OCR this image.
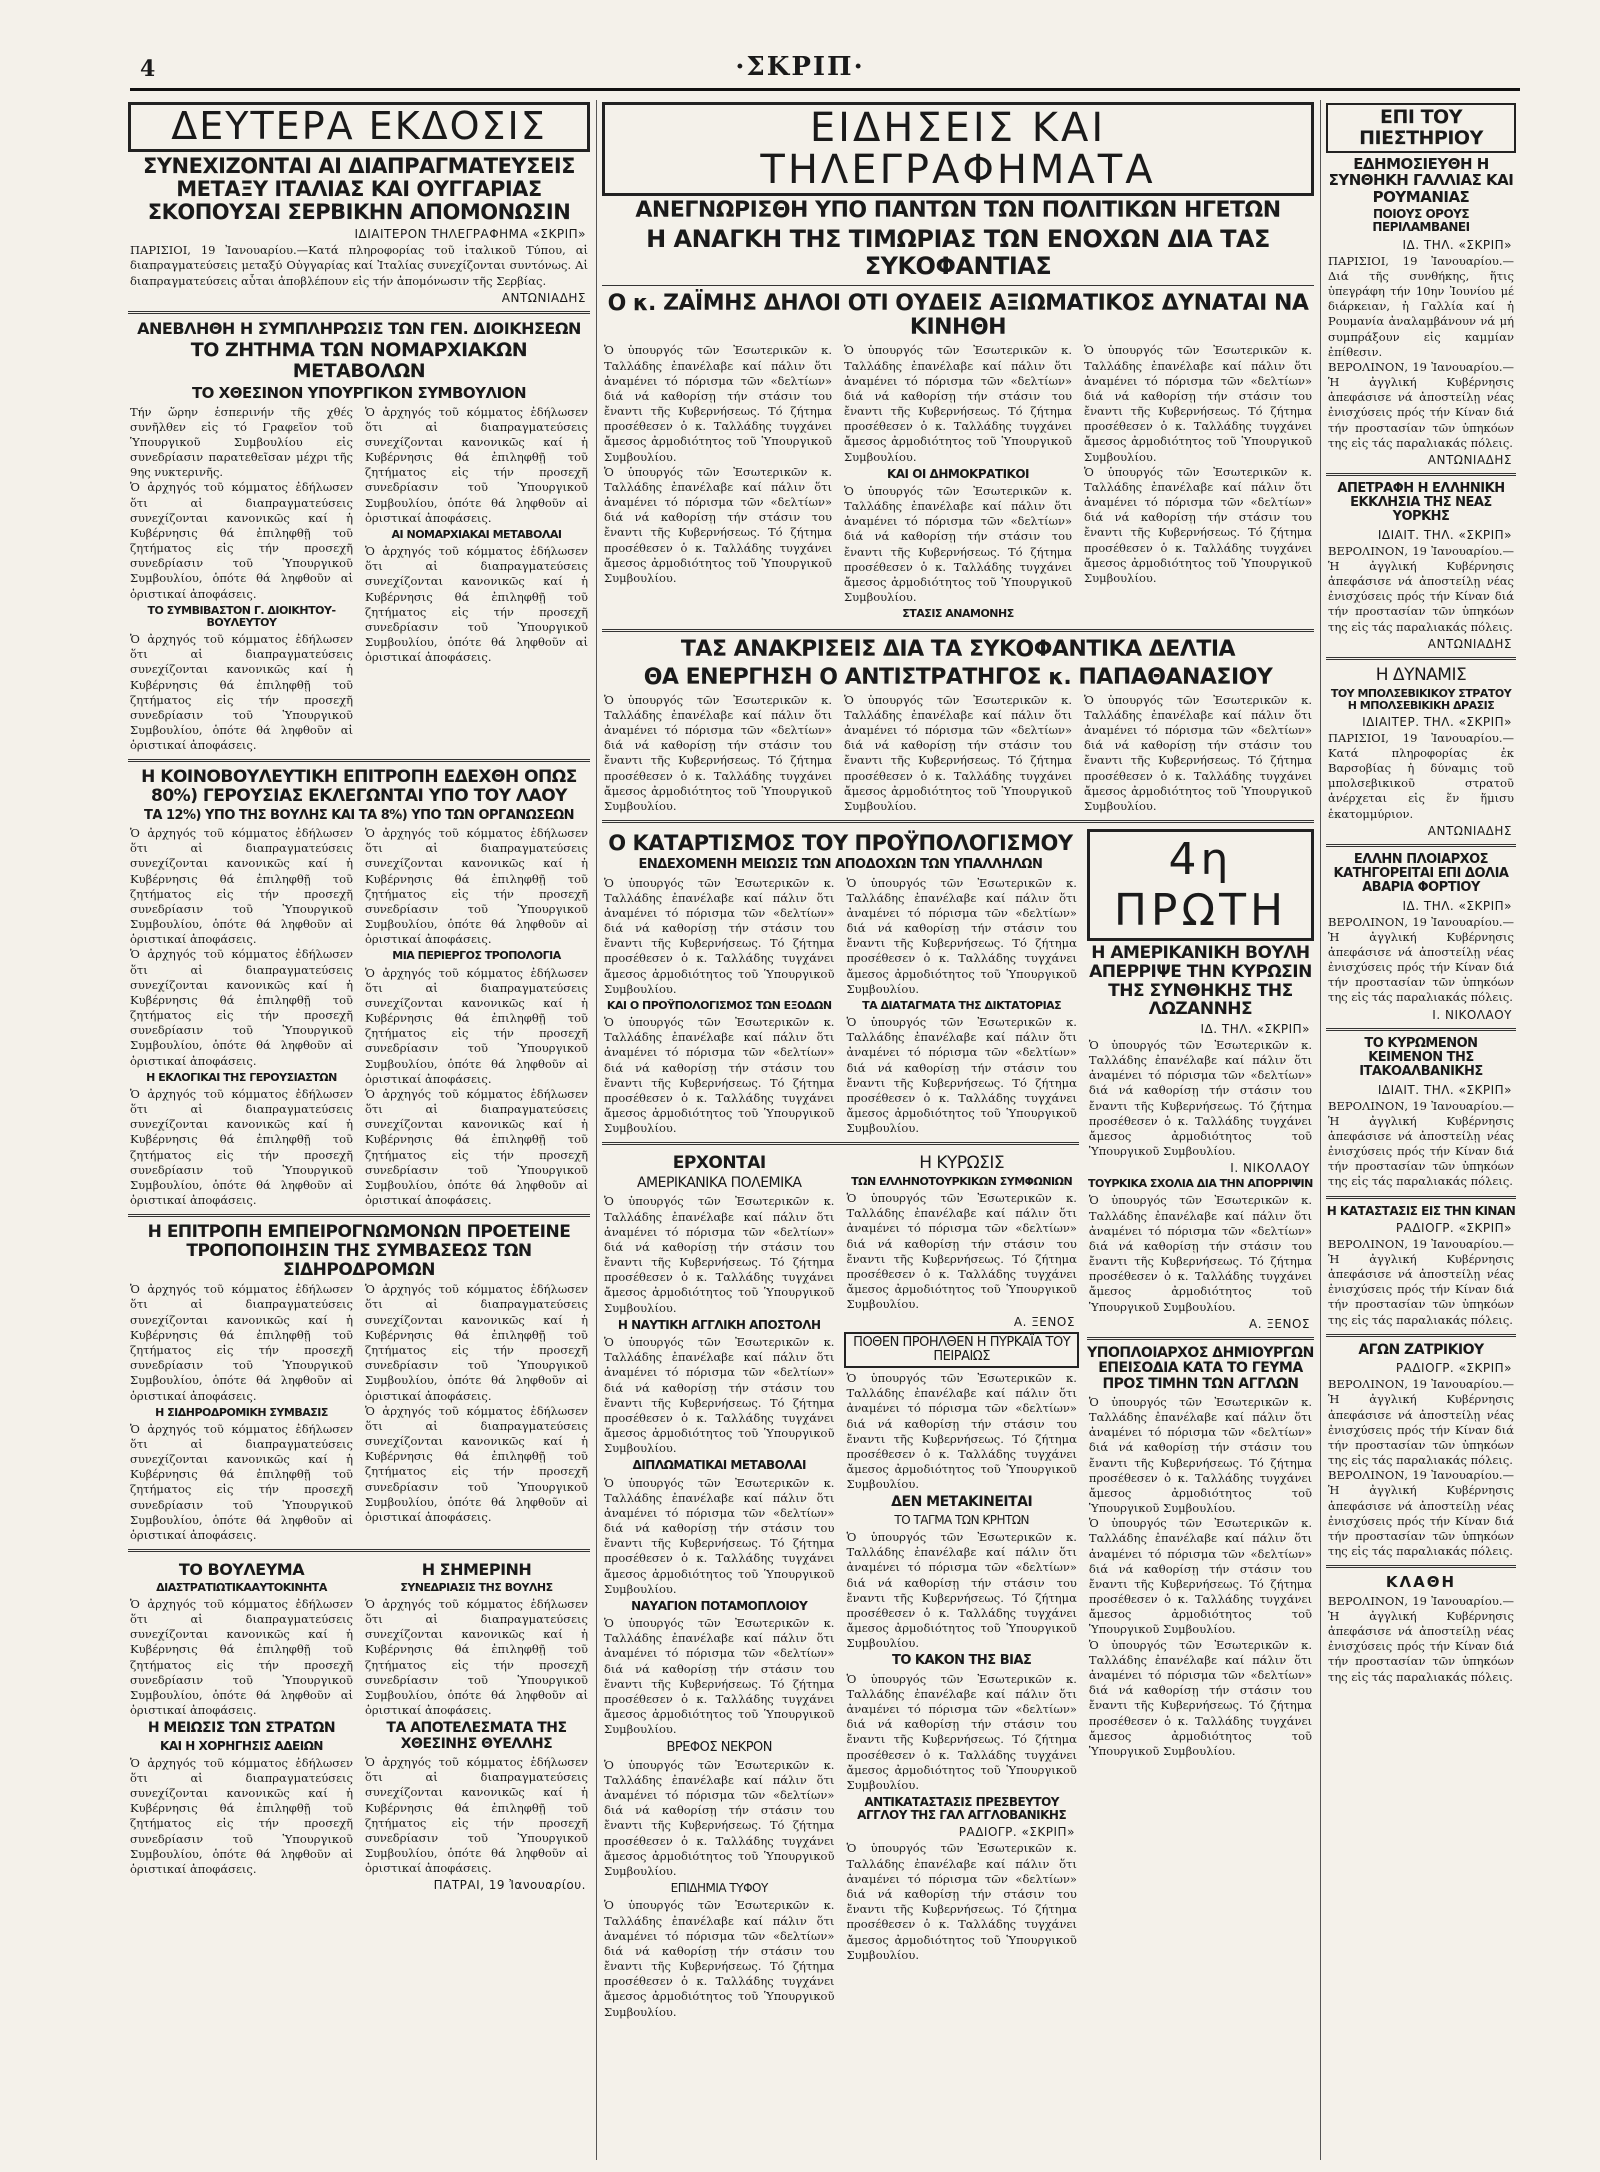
4	·ΣΚΡΙΠ·
ΔΕΥΤΕΡΑ ΕΚΔΟΣΙΣ
ΣΥΝΕΧΙΖΟΝΤΑΙ ΑΙ ΔΙΑΠΡΑΓΜΑΤΕΥΣΕΙΣ ΜΕΤΑΞΥ ΙΤΑΛΙΑΣ ΚΑΙ ΟΥΓΓΑΡΙΑΣ ΣΚΟΠΟΥΣΑΙ ΣΕΡΒΙΚΗΝ ΑΠΟΜΟΝΩΣΙΝ
ΙΔΙΑΙΤΕΡΟΝ ΤΗΛΕΓΡΑΦΗΜΑ «ΣΚΡΙΠ»
ΠΑΡΙΣΙΟΙ, 19 Ἰανουαρίου.—Κατά πληροφορίας τοῦ ἰταλικοῦ Τύπου, αἱ διαπραγματεύσεις μεταξύ Οὐγγαρίας καί Ἰταλίας συνεχίζονται συντόνως. Αἱ διαπραγματεύσεις αὗται ἀποβλέπουν εἰς τήν ἀπομόνωσιν τῆς Σερβίας.
ΑΝΤΩΝΙΑΔΗΣ
ΑΝΕΒΛΗΘΗ Η ΣΥΜΠΛΗΡΩΣΙΣ ΤΩΝ ΓΕΝ. ΔΙΟΙΚΗΣΕΩΝ
ΤΟ ΖΗΤΗΜΑ ΤΩΝ ΝΟΜΑΡΧΙΑΚΩΝ ΜΕΤΑΒΟΛΩΝ
ΤΟ ΧΘΕΣΙΝΟΝ ΥΠΟΥΡΓΙΚΟΝ ΣΥΜΒΟΥΛΙΟΝ
Τήν ὥρην ἑσπερινήν τῆς χθές συνῆλθεν εἰς τό Γραφεῖον τοῦ Ὑπουργικοῦ Συμβουλίου εἰς συνεδρίασιν παρατεθεῖσαν μέχρι τῆς 9ης νυκτερινῆς.
Ὁ ἀρχηγός τοῦ κόμματος ἐδήλωσεν ὅτι αἱ διαπραγματεύσεις συνεχίζονται κανονικῶς καί ἡ Κυβέρνησις θά ἐπιληφθῇ τοῦ ζητήματος εἰς τήν προσεχῆ συνεδρίασιν τοῦ Ὑπουργικοῦ Συμβουλίου, ὁπότε θά ληφθοῦν αἱ ὁριστικαί ἀποφάσεις.
ΤΟ ΣΥΜΒΙΒΑΣΤΟΝ Γ. ΔΙΟΙΚΗΤΟΥ-ΒΟΥΛΕΥΤΟΥ
Ὁ ἀρχηγός τοῦ κόμματος ἐδήλωσεν ὅτι αἱ διαπραγματεύσεις συνεχίζονται κανονικῶς καί ἡ Κυβέρνησις θά ἐπιληφθῇ τοῦ ζητήματος εἰς τήν προσεχῆ συνεδρίασιν τοῦ Ὑπουργικοῦ Συμβουλίου, ὁπότε θά ληφθοῦν αἱ ὁριστικαί ἀποφάσεις.
Ὁ ἀρχηγός τοῦ κόμματος ἐδήλωσεν ὅτι αἱ διαπραγματεύσεις συνεχίζονται κανονικῶς καί ἡ Κυβέρνησις θά ἐπιληφθῇ τοῦ ζητήματος εἰς τήν προσεχῆ συνεδρίασιν τοῦ Ὑπουργικοῦ Συμβουλίου, ὁπότε θά ληφθοῦν αἱ ὁριστικαί ἀποφάσεις.
ΑΙ ΝΟΜΑΡΧΙΑΚΑΙ ΜΕΤΑΒΟΛΑΙ
Ὁ ἀρχηγός τοῦ κόμματος ἐδήλωσεν ὅτι αἱ διαπραγματεύσεις συνεχίζονται κανονικῶς καί ἡ Κυβέρνησις θά ἐπιληφθῇ τοῦ ζητήματος εἰς τήν προσεχῆ συνεδρίασιν τοῦ Ὑπουργικοῦ Συμβουλίου, ὁπότε θά ληφθοῦν αἱ ὁριστικαί ἀποφάσεις.
Η ΚΟΙΝΟΒΟΥΛΕΥΤΙΚΗ ΕΠΙΤΡΟΠΗ ΕΔΕΧΘΗ ΟΠΩΣ 80%) ΓΕΡΟΥΣΙΑΣ ΕΚΛΕΓΩΝΤΑΙ ΥΠΟ ΤΟΥ ΛΑΟΥ
ΤΑ 12%) ΥΠΟ ΤΗΣ ΒΟΥΛΗΣ ΚΑΙ ΤΑ 8%) ΥΠΟ ΤΩΝ ΟΡΓΑΝΩΣΕΩΝ
Ὁ ἀρχηγός τοῦ κόμματος ἐδήλωσεν ὅτι αἱ διαπραγματεύσεις συνεχίζονται κανονικῶς καί ἡ Κυβέρνησις θά ἐπιληφθῇ τοῦ ζητήματος εἰς τήν προσεχῆ συνεδρίασιν τοῦ Ὑπουργικοῦ Συμβουλίου, ὁπότε θά ληφθοῦν αἱ ὁριστικαί ἀποφάσεις.
Ὁ ἀρχηγός τοῦ κόμματος ἐδήλωσεν ὅτι αἱ διαπραγματεύσεις συνεχίζονται κανονικῶς καί ἡ Κυβέρνησις θά ἐπιληφθῇ τοῦ ζητήματος εἰς τήν προσεχῆ συνεδρίασιν τοῦ Ὑπουργικοῦ Συμβουλίου, ὁπότε θά ληφθοῦν αἱ ὁριστικαί ἀποφάσεις.
Η ΕΚΛΟΓΙΚΑΙ ΤΗΣ ΓΕΡΟΥΣΙΑΣΤΩΝ
Ὁ ἀρχηγός τοῦ κόμματος ἐδήλωσεν ὅτι αἱ διαπραγματεύσεις συνεχίζονται κανονικῶς καί ἡ Κυβέρνησις θά ἐπιληφθῇ τοῦ ζητήματος εἰς τήν προσεχῆ συνεδρίασιν τοῦ Ὑπουργικοῦ Συμβουλίου, ὁπότε θά ληφθοῦν αἱ ὁριστικαί ἀποφάσεις.
Ὁ ἀρχηγός τοῦ κόμματος ἐδήλωσεν ὅτι αἱ διαπραγματεύσεις συνεχίζονται κανονικῶς καί ἡ Κυβέρνησις θά ἐπιληφθῇ τοῦ ζητήματος εἰς τήν προσεχῆ συνεδρίασιν τοῦ Ὑπουργικοῦ Συμβουλίου, ὁπότε θά ληφθοῦν αἱ ὁριστικαί ἀποφάσεις.
ΜΙΑ ΠΕΡΙΕΡΓΟΣ ΤΡΟΠΟΛΟΓΙΑ
Ὁ ἀρχηγός τοῦ κόμματος ἐδήλωσεν ὅτι αἱ διαπραγματεύσεις συνεχίζονται κανονικῶς καί ἡ Κυβέρνησις θά ἐπιληφθῇ τοῦ ζητήματος εἰς τήν προσεχῆ συνεδρίασιν τοῦ Ὑπουργικοῦ Συμβουλίου, ὁπότε θά ληφθοῦν αἱ ὁριστικαί ἀποφάσεις.
Ὁ ἀρχηγός τοῦ κόμματος ἐδήλωσεν ὅτι αἱ διαπραγματεύσεις συνεχίζονται κανονικῶς καί ἡ Κυβέρνησις θά ἐπιληφθῇ τοῦ ζητήματος εἰς τήν προσεχῆ συνεδρίασιν τοῦ Ὑπουργικοῦ Συμβουλίου, ὁπότε θά ληφθοῦν αἱ ὁριστικαί ἀποφάσεις.
Η ΕΠΙΤΡΟΠΗ ΕΜΠΕΙΡΟΓΝΩΜΟΝΩΝ ΠΡΟΕΤΕΙΝΕ ΤΡΟΠΟΠΟΙΗΣΙΝ ΤΗΣ ΣΥΜΒΑΣΕΩΣ ΤΩΝ ΣΙΔΗΡΟΔΡΟΜΩΝ
Ὁ ἀρχηγός τοῦ κόμματος ἐδήλωσεν ὅτι αἱ διαπραγματεύσεις συνεχίζονται κανονικῶς καί ἡ Κυβέρνησις θά ἐπιληφθῇ τοῦ ζητήματος εἰς τήν προσεχῆ συνεδρίασιν τοῦ Ὑπουργικοῦ Συμβουλίου, ὁπότε θά ληφθοῦν αἱ ὁριστικαί ἀποφάσεις.
Η ΣΙΔΗΡΟΔΡΟΜΙΚΗ ΣΥΜΒΑΣΙΣ
Ὁ ἀρχηγός τοῦ κόμματος ἐδήλωσεν ὅτι αἱ διαπραγματεύσεις συνεχίζονται κανονικῶς καί ἡ Κυβέρνησις θά ἐπιληφθῇ τοῦ ζητήματος εἰς τήν προσεχῆ συνεδρίασιν τοῦ Ὑπουργικοῦ Συμβουλίου, ὁπότε θά ληφθοῦν αἱ ὁριστικαί ἀποφάσεις.
Ὁ ἀρχηγός τοῦ κόμματος ἐδήλωσεν ὅτι αἱ διαπραγματεύσεις συνεχίζονται κανονικῶς καί ἡ Κυβέρνησις θά ἐπιληφθῇ τοῦ ζητήματος εἰς τήν προσεχῆ συνεδρίασιν τοῦ Ὑπουργικοῦ Συμβουλίου, ὁπότε θά ληφθοῦν αἱ ὁριστικαί ἀποφάσεις.
Ὁ ἀρχηγός τοῦ κόμματος ἐδήλωσεν ὅτι αἱ διαπραγματεύσεις συνεχίζονται κανονικῶς καί ἡ Κυβέρνησις θά ἐπιληφθῇ τοῦ ζητήματος εἰς τήν προσεχῆ συνεδρίασιν τοῦ Ὑπουργικοῦ Συμβουλίου, ὁπότε θά ληφθοῦν αἱ ὁριστικαί ἀποφάσεις.
ΤΟ ΒΟΥΛΕΥΜΑ
ΔΙΑΣΤΡΑΤΙΩΤΙΚΑΑΥΤΟΚΙΝΗΤΑ
Ὁ ἀρχηγός τοῦ κόμματος ἐδήλωσεν ὅτι αἱ διαπραγματεύσεις συνεχίζονται κανονικῶς καί ἡ Κυβέρνησις θά ἐπιληφθῇ τοῦ ζητήματος εἰς τήν προσεχῆ συνεδρίασιν τοῦ Ὑπουργικοῦ Συμβουλίου, ὁπότε θά ληφθοῦν αἱ ὁριστικαί ἀποφάσεις.
Η ΜΕΙΩΣΙΣ ΤΩΝ ΣΤΡΑΤΩΝ
ΚΑΙ Η ΧΟΡΗΓΗΣΙΣ ΑΔΕΙΩΝ
Ὁ ἀρχηγός τοῦ κόμματος ἐδήλωσεν ὅτι αἱ διαπραγματεύσεις συνεχίζονται κανονικῶς καί ἡ Κυβέρνησις θά ἐπιληφθῇ τοῦ ζητήματος εἰς τήν προσεχῆ συνεδρίασιν τοῦ Ὑπουργικοῦ Συμβουλίου, ὁπότε θά ληφθοῦν αἱ ὁριστικαί ἀποφάσεις.
Η ΣΗΜΕΡΙΝΗ
ΣΥΝΕΔΡΙΑΣΙΣ ΤΗΣ ΒΟΥΛΗΣ
Ὁ ἀρχηγός τοῦ κόμματος ἐδήλωσεν ὅτι αἱ διαπραγματεύσεις συνεχίζονται κανονικῶς καί ἡ Κυβέρνησις θά ἐπιληφθῇ τοῦ ζητήματος εἰς τήν προσεχῆ συνεδρίασιν τοῦ Ὑπουργικοῦ Συμβουλίου, ὁπότε θά ληφθοῦν αἱ ὁριστικαί ἀποφάσεις.
ΤΑ ΑΠΟΤΕΛΕΣΜΑΤΑ ΤΗΣ ΧΘΕΣΙΝΗΣ ΘΥΕΛΛΗΣ
Ὁ ἀρχηγός τοῦ κόμματος ἐδήλωσεν ὅτι αἱ διαπραγματεύσεις συνεχίζονται κανονικῶς καί ἡ Κυβέρνησις θά ἐπιληφθῇ τοῦ ζητήματος εἰς τήν προσεχῆ συνεδρίασιν τοῦ Ὑπουργικοῦ Συμβουλίου, ὁπότε θά ληφθοῦν αἱ ὁριστικαί ἀποφάσεις.
ΠΑΤΡΑΙ, 19 Ἰανουαρίου.
ΕΙΔΗΣΕΙΣ ΚΑΙ ΤΗΛΕΓΡΑΦΗΜΑΤΑ
ΑΝΕΓΝΩΡΙΣΘΗ ΥΠΟ ΠΑΝΤΩΝ ΤΩΝ ΠΟΛΙΤΙΚΩΝ ΗΓΕΤΩΝ
Η ΑΝΑΓΚΗ ΤΗΣ ΤΙΜΩΡΙΑΣ ΤΩΝ ΕΝΟΧΩΝ ΔΙΑ ΤΑΣ ΣΥΚΟΦΑΝΤΙΑΣ
Ο κ. ΖΑΪΜΗΣ ΔΗΛΟΙ ΟΤΙ ΟΥΔΕΙΣ ΑΞΙΩΜΑΤΙΚΟΣ ΔΥΝΑΤΑΙ ΝΑ ΚΙΝΗΘΗ
Ὁ ὑπουργός τῶν Ἐσωτερικῶν κ. Ταλλάδης ἐπανέλαβε καί πάλιν ὅτι ἀναμένει τό πόρισμα τῶν «δελτίων» διά νά καθορίσῃ τήν στάσιν του ἔναντι τῆς Κυβερνήσεως. Τό ζήτημα προσέθεσεν ὁ κ. Ταλλάδης τυγχάνει ἄμεσος ἀρμοδιότητος τοῦ Ὑπουργικοῦ Συμβουλίου.
Ὁ ὑπουργός τῶν Ἐσωτερικῶν κ. Ταλλάδης ἐπανέλαβε καί πάλιν ὅτι ἀναμένει τό πόρισμα τῶν «δελτίων» διά νά καθορίσῃ τήν στάσιν του ἔναντι τῆς Κυβερνήσεως. Τό ζήτημα προσέθεσεν ὁ κ. Ταλλάδης τυγχάνει ἄμεσος ἀρμοδιότητος τοῦ Ὑπουργικοῦ Συμβουλίου.
Ὁ ὑπουργός τῶν Ἐσωτερικῶν κ. Ταλλάδης ἐπανέλαβε καί πάλιν ὅτι ἀναμένει τό πόρισμα τῶν «δελτίων» διά νά καθορίσῃ τήν στάσιν του ἔναντι τῆς Κυβερνήσεως. Τό ζήτημα προσέθεσεν ὁ κ. Ταλλάδης τυγχάνει ἄμεσος ἀρμοδιότητος τοῦ Ὑπουργικοῦ Συμβουλίου.
ΚΑΙ ΟΙ ΔΗΜΟΚΡΑΤΙΚΟΙ
Ὁ ὑπουργός τῶν Ἐσωτερικῶν κ. Ταλλάδης ἐπανέλαβε καί πάλιν ὅτι ἀναμένει τό πόρισμα τῶν «δελτίων» διά νά καθορίσῃ τήν στάσιν του ἔναντι τῆς Κυβερνήσεως. Τό ζήτημα προσέθεσεν ὁ κ. Ταλλάδης τυγχάνει ἄμεσος ἀρμοδιότητος τοῦ Ὑπουργικοῦ Συμβουλίου.
ΣΤΑΣΙΣ ΑΝΑΜΟΝΗΣ
Ὁ ὑπουργός τῶν Ἐσωτερικῶν κ. Ταλλάδης ἐπανέλαβε καί πάλιν ὅτι ἀναμένει τό πόρισμα τῶν «δελτίων» διά νά καθορίσῃ τήν στάσιν του ἔναντι τῆς Κυβερνήσεως. Τό ζήτημα προσέθεσεν ὁ κ. Ταλλάδης τυγχάνει ἄμεσος ἀρμοδιότητος τοῦ Ὑπουργικοῦ Συμβουλίου.
Ὁ ὑπουργός τῶν Ἐσωτερικῶν κ. Ταλλάδης ἐπανέλαβε καί πάλιν ὅτι ἀναμένει τό πόρισμα τῶν «δελτίων» διά νά καθορίσῃ τήν στάσιν του ἔναντι τῆς Κυβερνήσεως. Τό ζήτημα προσέθεσεν ὁ κ. Ταλλάδης τυγχάνει ἄμεσος ἀρμοδιότητος τοῦ Ὑπουργικοῦ Συμβουλίου.
ΤΑΣ ΑΝΑΚΡΙΣΕΙΣ ΔΙΑ ΤΑ ΣΥΚΟΦΑΝΤΙΚΑ ΔΕΛΤΙΑ
ΘΑ ΕΝΕΡΓΗΣΗ Ο ΑΝΤΙΣΤΡΑΤΗΓΟΣ κ. ΠΑΠΑΘΑΝΑΣΙΟΥ
Ὁ ὑπουργός τῶν Ἐσωτερικῶν κ. Ταλλάδης ἐπανέλαβε καί πάλιν ὅτι ἀναμένει τό πόρισμα τῶν «δελτίων» διά νά καθορίσῃ τήν στάσιν του ἔναντι τῆς Κυβερνήσεως. Τό ζήτημα προσέθεσεν ὁ κ. Ταλλάδης τυγχάνει ἄμεσος ἀρμοδιότητος τοῦ Ὑπουργικοῦ Συμβουλίου.
Ὁ ὑπουργός τῶν Ἐσωτερικῶν κ. Ταλλάδης ἐπανέλαβε καί πάλιν ὅτι ἀναμένει τό πόρισμα τῶν «δελτίων» διά νά καθορίσῃ τήν στάσιν του ἔναντι τῆς Κυβερνήσεως. Τό ζήτημα προσέθεσεν ὁ κ. Ταλλάδης τυγχάνει ἄμεσος ἀρμοδιότητος τοῦ Ὑπουργικοῦ Συμβουλίου.
Ὁ ὑπουργός τῶν Ἐσωτερικῶν κ. Ταλλάδης ἐπανέλαβε καί πάλιν ὅτι ἀναμένει τό πόρισμα τῶν «δελτίων» διά νά καθορίσῃ τήν στάσιν του ἔναντι τῆς Κυβερνήσεως. Τό ζήτημα προσέθεσεν ὁ κ. Ταλλάδης τυγχάνει ἄμεσος ἀρμοδιότητος τοῦ Ὑπουργικοῦ Συμβουλίου.
Ο ΚΑΤΑΡΤΙΣΜΟΣ ΤΟΥ ΠΡΟΫΠΟΛΟΓΙΣΜΟΥ
ΕΝΔΕΧΟΜΕΝΗ ΜΕΙΩΣΙΣ ΤΩΝ ΑΠΟΔΟΧΩΝ ΤΩΝ ΥΠΑΛΛΗΛΩΝ
Ὁ ὑπουργός τῶν Ἐσωτερικῶν κ. Ταλλάδης ἐπανέλαβε καί πάλιν ὅτι ἀναμένει τό πόρισμα τῶν «δελτίων» διά νά καθορίσῃ τήν στάσιν του ἔναντι τῆς Κυβερνήσεως. Τό ζήτημα προσέθεσεν ὁ κ. Ταλλάδης τυγχάνει ἄμεσος ἀρμοδιότητος τοῦ Ὑπουργικοῦ Συμβουλίου.
ΚΑΙ Ο ΠΡΟΫΠΟΛΟΓΙΣΜΟΣ ΤΩΝ ΕΞΟΔΩΝ
Ὁ ὑπουργός τῶν Ἐσωτερικῶν κ. Ταλλάδης ἐπανέλαβε καί πάλιν ὅτι ἀναμένει τό πόρισμα τῶν «δελτίων» διά νά καθορίσῃ τήν στάσιν του ἔναντι τῆς Κυβερνήσεως. Τό ζήτημα προσέθεσεν ὁ κ. Ταλλάδης τυγχάνει ἄμεσος ἀρμοδιότητος τοῦ Ὑπουργικοῦ Συμβουλίου.
Ὁ ὑπουργός τῶν Ἐσωτερικῶν κ. Ταλλάδης ἐπανέλαβε καί πάλιν ὅτι ἀναμένει τό πόρισμα τῶν «δελτίων» διά νά καθορίσῃ τήν στάσιν του ἔναντι τῆς Κυβερνήσεως. Τό ζήτημα προσέθεσεν ὁ κ. Ταλλάδης τυγχάνει ἄμεσος ἀρμοδιότητος τοῦ Ὑπουργικοῦ Συμβουλίου.
ΤΑ ΔΙΑΤΑΓΜΑΤΑ ΤΗΣ ΔΙΚΤΑΤΟΡΙΑΣ
Ὁ ὑπουργός τῶν Ἐσωτερικῶν κ. Ταλλάδης ἐπανέλαβε καί πάλιν ὅτι ἀναμένει τό πόρισμα τῶν «δελτίων» διά νά καθορίσῃ τήν στάσιν του ἔναντι τῆς Κυβερνήσεως. Τό ζήτημα προσέθεσεν ὁ κ. Ταλλάδης τυγχάνει ἄμεσος ἀρμοδιότητος τοῦ Ὑπουργικοῦ Συμβουλίου.
ΕΡΧΟΝΤΑΙ
ΑΜΕΡΙΚΑΝΙΚΑ ΠΟΛΕΜΙΚΑ
Ὁ ὑπουργός τῶν Ἐσωτερικῶν κ. Ταλλάδης ἐπανέλαβε καί πάλιν ὅτι ἀναμένει τό πόρισμα τῶν «δελτίων» διά νά καθορίσῃ τήν στάσιν του ἔναντι τῆς Κυβερνήσεως. Τό ζήτημα προσέθεσεν ὁ κ. Ταλλάδης τυγχάνει ἄμεσος ἀρμοδιότητος τοῦ Ὑπουργικοῦ Συμβουλίου.
Η ΝΑΥΤΙΚΗ ΑΓΓΛΙΚΗ ΑΠΟΣΤΟΛΗ
Ὁ ὑπουργός τῶν Ἐσωτερικῶν κ. Ταλλάδης ἐπανέλαβε καί πάλιν ὅτι ἀναμένει τό πόρισμα τῶν «δελτίων» διά νά καθορίσῃ τήν στάσιν του ἔναντι τῆς Κυβερνήσεως. Τό ζήτημα προσέθεσεν ὁ κ. Ταλλάδης τυγχάνει ἄμεσος ἀρμοδιότητος τοῦ Ὑπουργικοῦ Συμβουλίου.
ΔΙΠΛΩΜΑΤΙΚΑΙ ΜΕΤΑΒΟΛΑΙ
Ὁ ὑπουργός τῶν Ἐσωτερικῶν κ. Ταλλάδης ἐπανέλαβε καί πάλιν ὅτι ἀναμένει τό πόρισμα τῶν «δελτίων» διά νά καθορίσῃ τήν στάσιν του ἔναντι τῆς Κυβερνήσεως. Τό ζήτημα προσέθεσεν ὁ κ. Ταλλάδης τυγχάνει ἄμεσος ἀρμοδιότητος τοῦ Ὑπουργικοῦ Συμβουλίου.
ΝΑΥΑΓΙΟΝ ΠΟΤΑΜΟΠΛΟΙΟΥ
Ὁ ὑπουργός τῶν Ἐσωτερικῶν κ. Ταλλάδης ἐπανέλαβε καί πάλιν ὅτι ἀναμένει τό πόρισμα τῶν «δελτίων» διά νά καθορίσῃ τήν στάσιν του ἔναντι τῆς Κυβερνήσεως. Τό ζήτημα προσέθεσεν ὁ κ. Ταλλάδης τυγχάνει ἄμεσος ἀρμοδιότητος τοῦ Ὑπουργικοῦ Συμβουλίου.
ΒΡΕΦΟΣ ΝΕΚΡΟΝ
Ὁ ὑπουργός τῶν Ἐσωτερικῶν κ. Ταλλάδης ἐπανέλαβε καί πάλιν ὅτι ἀναμένει τό πόρισμα τῶν «δελτίων» διά νά καθορίσῃ τήν στάσιν του ἔναντι τῆς Κυβερνήσεως. Τό ζήτημα προσέθεσεν ὁ κ. Ταλλάδης τυγχάνει ἄμεσος ἀρμοδιότητος τοῦ Ὑπουργικοῦ Συμβουλίου.
ΕΠΙΔΗΜΙΑ ΤΥΦΟΥ
Ὁ ὑπουργός τῶν Ἐσωτερικῶν κ. Ταλλάδης ἐπανέλαβε καί πάλιν ὅτι ἀναμένει τό πόρισμα τῶν «δελτίων» διά νά καθορίσῃ τήν στάσιν του ἔναντι τῆς Κυβερνήσεως. Τό ζήτημα προσέθεσεν ὁ κ. Ταλλάδης τυγχάνει ἄμεσος ἀρμοδιότητος τοῦ Ὑπουργικοῦ Συμβουλίου.
Η ΚΥΡΩΣΙΣ
ΤΩΝ ΕΛΛΗΝΟΤΟΥΡΚΙΚΩΝ ΣΥΜΦΩΝΙΩΝ
Ὁ ὑπουργός τῶν Ἐσωτερικῶν κ. Ταλλάδης ἐπανέλαβε καί πάλιν ὅτι ἀναμένει τό πόρισμα τῶν «δελτίων» διά νά καθορίσῃ τήν στάσιν του ἔναντι τῆς Κυβερνήσεως. Τό ζήτημα προσέθεσεν ὁ κ. Ταλλάδης τυγχάνει ἄμεσος ἀρμοδιότητος τοῦ Ὑπουργικοῦ Συμβουλίου.
Α. ΞΕΝΟΣ
ΠΟΘΕΝ ΠΡΟΗΛΘΕΝ Η ΠΥΡΚΑΪΑ ΤΟΥ ΠΕΙΡΑΙΩΣ
Ὁ ὑπουργός τῶν Ἐσωτερικῶν κ. Ταλλάδης ἐπανέλαβε καί πάλιν ὅτι ἀναμένει τό πόρισμα τῶν «δελτίων» διά νά καθορίσῃ τήν στάσιν του ἔναντι τῆς Κυβερνήσεως. Τό ζήτημα προσέθεσεν ὁ κ. Ταλλάδης τυγχάνει ἄμεσος ἀρμοδιότητος τοῦ Ὑπουργικοῦ Συμβουλίου.
ΔΕΝ ΜΕΤΑΚΙΝΕΙΤΑΙ
ΤΟ ΤΑΓΜΑ ΤΩΝ ΚΡΗΤΩΝ
Ὁ ὑπουργός τῶν Ἐσωτερικῶν κ. Ταλλάδης ἐπανέλαβε καί πάλιν ὅτι ἀναμένει τό πόρισμα τῶν «δελτίων» διά νά καθορίσῃ τήν στάσιν του ἔναντι τῆς Κυβερνήσεως. Τό ζήτημα προσέθεσεν ὁ κ. Ταλλάδης τυγχάνει ἄμεσος ἀρμοδιότητος τοῦ Ὑπουργικοῦ Συμβουλίου.
ΤΟ ΚΑΚΟΝ ΤΗΣ ΒΙΑΣ
Ὁ ὑπουργός τῶν Ἐσωτερικῶν κ. Ταλλάδης ἐπανέλαβε καί πάλιν ὅτι ἀναμένει τό πόρισμα τῶν «δελτίων» διά νά καθορίσῃ τήν στάσιν του ἔναντι τῆς Κυβερνήσεως. Τό ζήτημα προσέθεσεν ὁ κ. Ταλλάδης τυγχάνει ἄμεσος ἀρμοδιότητος τοῦ Ὑπουργικοῦ Συμβουλίου.
ΑΝΤΙΚΑΤΑΣΤΑΣΙΣ ΠΡΕΣΒΕΥΤΟΥ ΑΓΓΛΟΥ ΤΗΣ ΓΑΛ ΑΓΓΛΟΒΑΝΙΚΗΣ
ΡΑΔΙΟΓΡ. «ΣΚΡΙΠ»
Ὁ ὑπουργός τῶν Ἐσωτερικῶν κ. Ταλλάδης ἐπανέλαβε καί πάλιν ὅτι ἀναμένει τό πόρισμα τῶν «δελτίων» διά νά καθορίσῃ τήν στάσιν του ἔναντι τῆς Κυβερνήσεως. Τό ζήτημα προσέθεσεν ὁ κ. Ταλλάδης τυγχάνει ἄμεσος ἀρμοδιότητος τοῦ Ὑπουργικοῦ Συμβουλίου.
4η ΠΡΩΤΗ
Η ΑΜΕΡΙΚΑΝΙΚΗ ΒΟΥΛΗ ΑΠΕΡΡΙΨΕ ΤΗΝ ΚΥΡΩΣΙΝ ΤΗΣ ΣΥΝΘΗΚΗΣ ΤΗΣ ΛΩΖΑΝΝΗΣ
ΙΔ. ΤΗΛ. «ΣΚΡΙΠ»
Ὁ ὑπουργός τῶν Ἐσωτερικῶν κ. Ταλλάδης ἐπανέλαβε καί πάλιν ὅτι ἀναμένει τό πόρισμα τῶν «δελτίων» διά νά καθορίσῃ τήν στάσιν του ἔναντι τῆς Κυβερνήσεως. Τό ζήτημα προσέθεσεν ὁ κ. Ταλλάδης τυγχάνει ἄμεσος ἀρμοδιότητος τοῦ Ὑπουργικοῦ Συμβουλίου.
Ι. ΝΙΚΟΛΑΟΥ
ΤΟΥΡΚΙΚΑ ΣΧΟΛΙΑ ΔΙΑ ΤΗΝ ΑΠΟΡΡΙΨΙΝ
Ὁ ὑπουργός τῶν Ἐσωτερικῶν κ. Ταλλάδης ἐπανέλαβε καί πάλιν ὅτι ἀναμένει τό πόρισμα τῶν «δελτίων» διά νά καθορίσῃ τήν στάσιν του ἔναντι τῆς Κυβερνήσεως. Τό ζήτημα προσέθεσεν ὁ κ. Ταλλάδης τυγχάνει ἄμεσος ἀρμοδιότητος τοῦ Ὑπουργικοῦ Συμβουλίου.
Α. ΞΕΝΟΣ
ΥΠΟΠΛΟΙΑΡΧΟΣ ΔΗΜΙΟΥΡΓΩΝ ΕΠΕΙΣΟΔΙΑ ΚΑΤΑ ΤΟ ΓΕΥΜΑ ΠΡΟΣ ΤΙΜΗΝ ΤΩΝ ΑΓΓΛΩΝ
Ὁ ὑπουργός τῶν Ἐσωτερικῶν κ. Ταλλάδης ἐπανέλαβε καί πάλιν ὅτι ἀναμένει τό πόρισμα τῶν «δελτίων» διά νά καθορίσῃ τήν στάσιν του ἔναντι τῆς Κυβερνήσεως. Τό ζήτημα προσέθεσεν ὁ κ. Ταλλάδης τυγχάνει ἄμεσος ἀρμοδιότητος τοῦ Ὑπουργικοῦ Συμβουλίου.
Ὁ ὑπουργός τῶν Ἐσωτερικῶν κ. Ταλλάδης ἐπανέλαβε καί πάλιν ὅτι ἀναμένει τό πόρισμα τῶν «δελτίων» διά νά καθορίσῃ τήν στάσιν του ἔναντι τῆς Κυβερνήσεως. Τό ζήτημα προσέθεσεν ὁ κ. Ταλλάδης τυγχάνει ἄμεσος ἀρμοδιότητος τοῦ Ὑπουργικοῦ Συμβουλίου.
Ὁ ὑπουργός τῶν Ἐσωτερικῶν κ. Ταλλάδης ἐπανέλαβε καί πάλιν ὅτι ἀναμένει τό πόρισμα τῶν «δελτίων» διά νά καθορίσῃ τήν στάσιν του ἔναντι τῆς Κυβερνήσεως. Τό ζήτημα προσέθεσεν ὁ κ. Ταλλάδης τυγχάνει ἄμεσος ἀρμοδιότητος τοῦ Ὑπουργικοῦ Συμβουλίου.
ΕΠΙ ΤΟΥ ΠΙΕΣΤΗΡΙΟΥ
ΕΔΗΜΟΣΙΕΥΘΗ Η ΣΥΝΘΗΚΗ ΓΑΛΛΙΑΣ ΚΑΙ ΡΟΥΜΑΝΙΑΣ
ΠΟΙΟΥΣ ΟΡΟΥΣ ΠΕΡΙΛΑΜΒΑΝΕΙ
ΙΔ. ΤΗΛ. «ΣΚΡΙΠ»
ΠΑΡΙΣΙΟΙ, 19 Ἰανουαρίου.—Διά τῆς συνθήκης, ἥτις ὑπεγράφη τήν 10ην Ἰουνίου μέ διάρκειαν, ἡ Γαλλία καί ἡ Ρουμανία ἀναλαμβάνουν νά μή συμπράξουν εἰς καμμίαν ἐπίθεσιν.
ΒΕΡΟΛΙΝΟΝ, 19 Ἰανουαρίου.—Ἡ ἀγγλική Κυβέρνησις ἀπεφάσισε νά ἀποστείλῃ νέας ἐνισχύσεις πρός τήν Κίναν διά τήν προστασίαν τῶν ὑπηκόων της εἰς τάς παραλιακάς πόλεις.
ΑΝΤΩΝΙΑΔΗΣ
ΑΠΕΤΡΑΦΗ Η ΕΛΛΗΝΙΚΗ ΕΚΚΛΗΣΙΑ ΤΗΣ ΝΕΑΣ ΥΟΡΚΗΣ
ΙΔΙΑΙΤ. ΤΗΛ. «ΣΚΡΙΠ»
ΒΕΡΟΛΙΝΟΝ, 19 Ἰανουαρίου.—Ἡ ἀγγλική Κυβέρνησις ἀπεφάσισε νά ἀποστείλῃ νέας ἐνισχύσεις πρός τήν Κίναν διά τήν προστασίαν τῶν ὑπηκόων της εἰς τάς παραλιακάς πόλεις.
ΑΝΤΩΝΙΑΔΗΣ
Η ΔΥΝΑΜΙΣ
ΤΟΥ ΜΠΟΛΣΕΒΙΚΙΚΟΥ ΣΤΡΑΤΟΥ Η ΜΠΟΛΣΕΒΙΚΙΚΗ ΔΡΑΣΙΣ
ΙΔΙΑΙΤΕΡ. ΤΗΛ. «ΣΚΡΙΠ»
ΠΑΡΙΣΙΟΙ, 19 Ἰανουαρίου.—Κατά πληροφορίας ἐκ Βαρσοβίας ἡ δύναμις τοῦ μπολσεβικικοῦ στρατοῦ ἀνέρχεται εἰς ἕν ἥμισυ ἑκατομμύριον.
ΑΝΤΩΝΙΑΔΗΣ
ΕΛΛΗΝ ΠΛΟΙΑΡΧΟΣ ΚΑΤΗΓΟΡΕΙΤΑΙ ΕΠΙ ΔΟΛΙΑ ΑΒΑΡΙΑ ΦΟΡΤΙΟΥ
ΙΔ. ΤΗΛ. «ΣΚΡΙΠ»
ΒΕΡΟΛΙΝΟΝ, 19 Ἰανουαρίου.—Ἡ ἀγγλική Κυβέρνησις ἀπεφάσισε νά ἀποστείλῃ νέας ἐνισχύσεις πρός τήν Κίναν διά τήν προστασίαν τῶν ὑπηκόων της εἰς τάς παραλιακάς πόλεις.
Ι. ΝΙΚΟΛΑΟΥ
ΤΟ ΚΥΡΩΜΕΝΟΝ ΚΕΙΜΕΝΟΝ ΤΗΣ ΙΤΑΚΟΑΛΒΑΝΙΚΗΣ
ΙΔΙΑΙΤ. ΤΗΛ. «ΣΚΡΙΠ»
ΒΕΡΟΛΙΝΟΝ, 19 Ἰανουαρίου.—Ἡ ἀγγλική Κυβέρνησις ἀπεφάσισε νά ἀποστείλῃ νέας ἐνισχύσεις πρός τήν Κίναν διά τήν προστασίαν τῶν ὑπηκόων της εἰς τάς παραλιακάς πόλεις.
Η ΚΑΤΑΣΤΑΣΙΣ ΕΙΣ ΤΗΝ ΚΙΝΑΝ
ΡΑΔΙΟΓΡ. «ΣΚΡΙΠ»
ΒΕΡΟΛΙΝΟΝ, 19 Ἰανουαρίου.—Ἡ ἀγγλική Κυβέρνησις ἀπεφάσισε νά ἀποστείλῃ νέας ἐνισχύσεις πρός τήν Κίναν διά τήν προστασίαν τῶν ὑπηκόων της εἰς τάς παραλιακάς πόλεις.
ΑΓΩΝ ΖΑΤΡΙΚΙΟΥ
ΡΑΔΙΟΓΡ. «ΣΚΡΙΠ»
ΒΕΡΟΛΙΝΟΝ, 19 Ἰανουαρίου.—Ἡ ἀγγλική Κυβέρνησις ἀπεφάσισε νά ἀποστείλῃ νέας ἐνισχύσεις πρός τήν Κίναν διά τήν προστασίαν τῶν ὑπηκόων της εἰς τάς παραλιακάς πόλεις.
ΒΕΡΟΛΙΝΟΝ, 19 Ἰανουαρίου.—Ἡ ἀγγλική Κυβέρνησις ἀπεφάσισε νά ἀποστείλῃ νέας ἐνισχύσεις πρός τήν Κίναν διά τήν προστασίαν τῶν ὑπηκόων της εἰς τάς παραλιακάς πόλεις.
ΚΛΑΘΗ
ΒΕΡΟΛΙΝΟΝ, 19 Ἰανουαρίου.—Ἡ ἀγγλική Κυβέρνησις ἀπεφάσισε νά ἀποστείλῃ νέας ἐνισχύσεις πρός τήν Κίναν διά τήν προστασίαν τῶν ὑπηκόων της εἰς τάς παραλιακάς πόλεις.
